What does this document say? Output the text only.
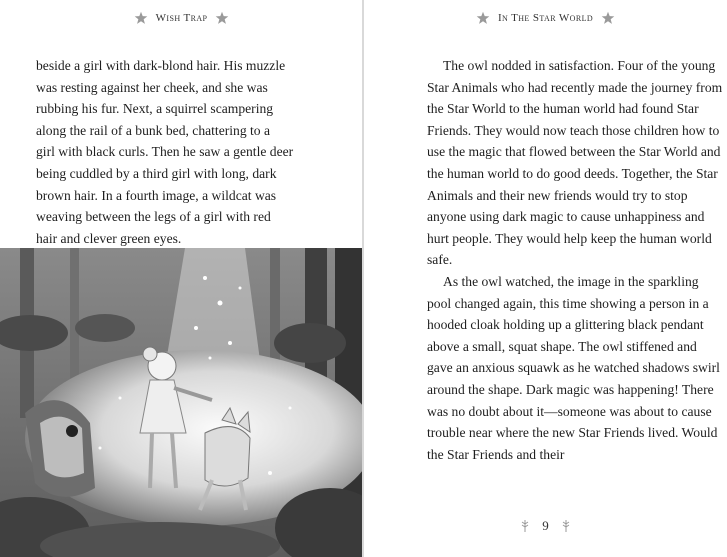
Wish Trap
beside a girl with dark-blond hair. His muzzle
was resting against her cheek, and she was
rubbing his fur. Next, a squirrel scampering
along the rail of a bunk bed, chattering to a
girl with black curls. Then he saw a gentle deer
being cuddled by a third girl with long, dark
brown hair. In a fourth image, a wildcat was
weaving between the legs of a girl with red
hair and clever green eyes.
In The Star World

The owl nodded in satisfaction. Four of the young Star Animals who had recently made the journey from the Star World to the human world had found Star Friends. They would now teach those children how to use the magic that flowed between the Star World and the human world to do good deeds. Together, the Star Animals and their new friends would try to stop anyone using dark magic to cause unhappiness and hurt people. They would help keep the human world safe.

As the owl watched, the image in the sparkling pool changed again, this time showing a person in a hooded cloak holding up a glittering black pendant above a small, squat shape. The owl stiffened and gave an anxious squawk as he watched shadows swirl around the shape. Dark magic was happening! There was no doubt about it—someone was about to cause trouble near where the new Star Friends lived. Would the Star Friends and their

9
